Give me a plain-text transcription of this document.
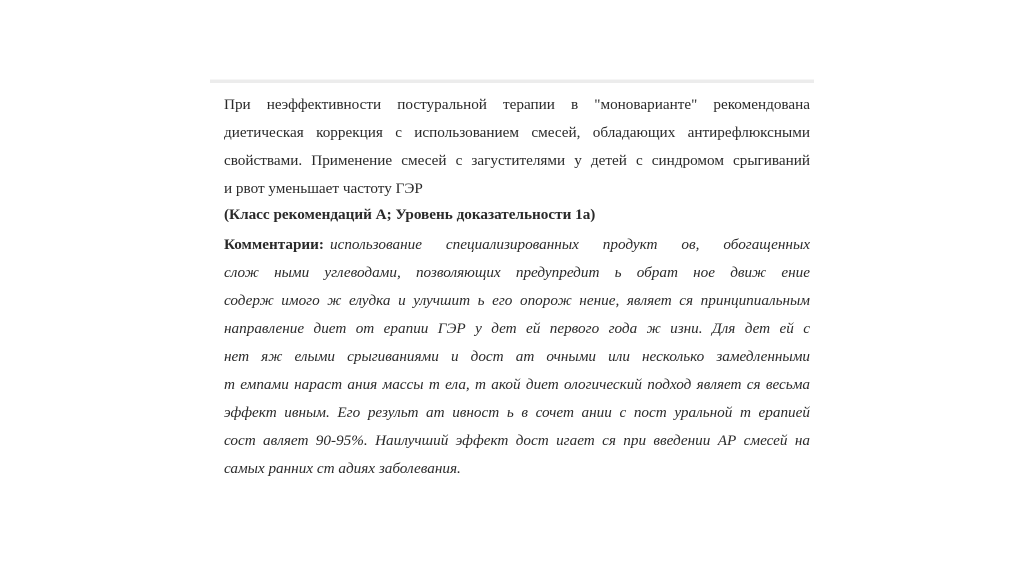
При неэффективности постуральной терапии в "моноварианте" рекомендована
диетическая коррекция с использованием смесей, обладающих антирефлюксными
свойствами. Применение смесей с загустителями у детей с синдромом срыгиваний
и рвот уменьшает частоту ГЭР
(Класс рекомендаций А; Уровень доказательности 1а)
Комментарии: использование специализированных продукт ов, обогащенных
слож ными углеводами, позволяющих предупредит ь обрат ное движ ение
содерж имого ж елудка и улучшит ь его опорож нение, являет ся принципиальным
направление диет от ерапии ГЭР у дет ей первого года ж изни. Для дет ей с
нет яж елыми срыгиваниями и дост ат очными или несколько замедленными
т емпами нараст ания массы т ела, т акой диет ологический подход являет ся весьма
эффект ивным. Его результ ат ивност ь в сочет ании с пост уральной т ерапией
сост авляет 90-95%. Наилучший эффект дост игает ся при введении АР смесей на
самых ранних ст адиях заболевания.
